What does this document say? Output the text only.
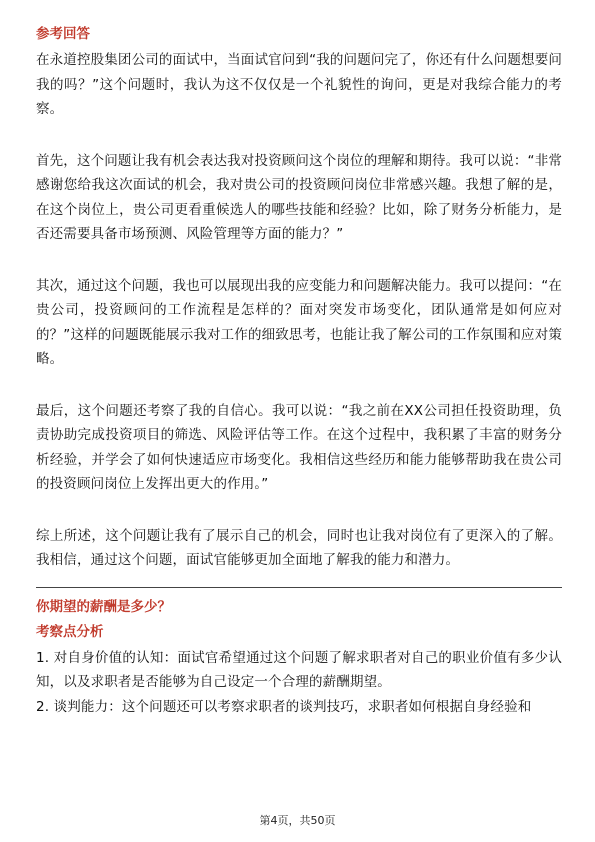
参考回答

在永道控股集团公司的面试中，当面试官问到“我的问题问完了，你还有什么问题想要问我的吗？”这个问题时，我认为这不仅仅是一个礼貌性的询问，更是对我综合能力的考察。

首先，这个问题让我有机会表达我对投资顾问这个岗位的理解和期待。我可以说：“非常感谢您给我这次面试的机会，我对贵公司的投资顾问岗位非常感兴趣。我想了解的是，在这个岗位上，贵公司更看重候选人的哪些技能和经验？比如，除了财务分析能力，是否还需要具备市场预测、风险管理等方面的能力？”

其次，通过这个问题，我也可以展现出我的应变能力和问题解决能力。我可以提问：“在贵公司，投资顾问的工作流程是怎样的？面对突发市场变化，团队通常是如何应对的？”这样的问题既能展示我对工作的细致思考，也能让我了解公司的工作氛围和应对策略。

最后，这个问题还考察了我的自信心。我可以说：“我之前在XX公司担任投资助理，负责协助完成投资项目的筛选、风险评估等工作。在这个过程中，我积累了丰富的财务分析经验，并学会了如何快速适应市场变化。我相信这些经历和能力能够帮助我在贵公司的投资顾问岗位上发挥出更大的作用。”

综上所述，这个问题让我有了展示自己的机会，同时也让我对岗位有了更深入的了解。我相信，通过这个问题，面试官能够更加全面地了解我的能力和潜力。

你期望的薪酬是多少？
考察点分析
1. 对自身价值的认知：面试官希望通过这个问题了解求职者对自己的职业价值有多少认知，以及求职者是否能够为自己设定一个合理的薪酬期望。
2. 谈判能力：这个问题还可以考察求职者的谈判技巧，求职者如何根据自身经验和
第4页，共50页
